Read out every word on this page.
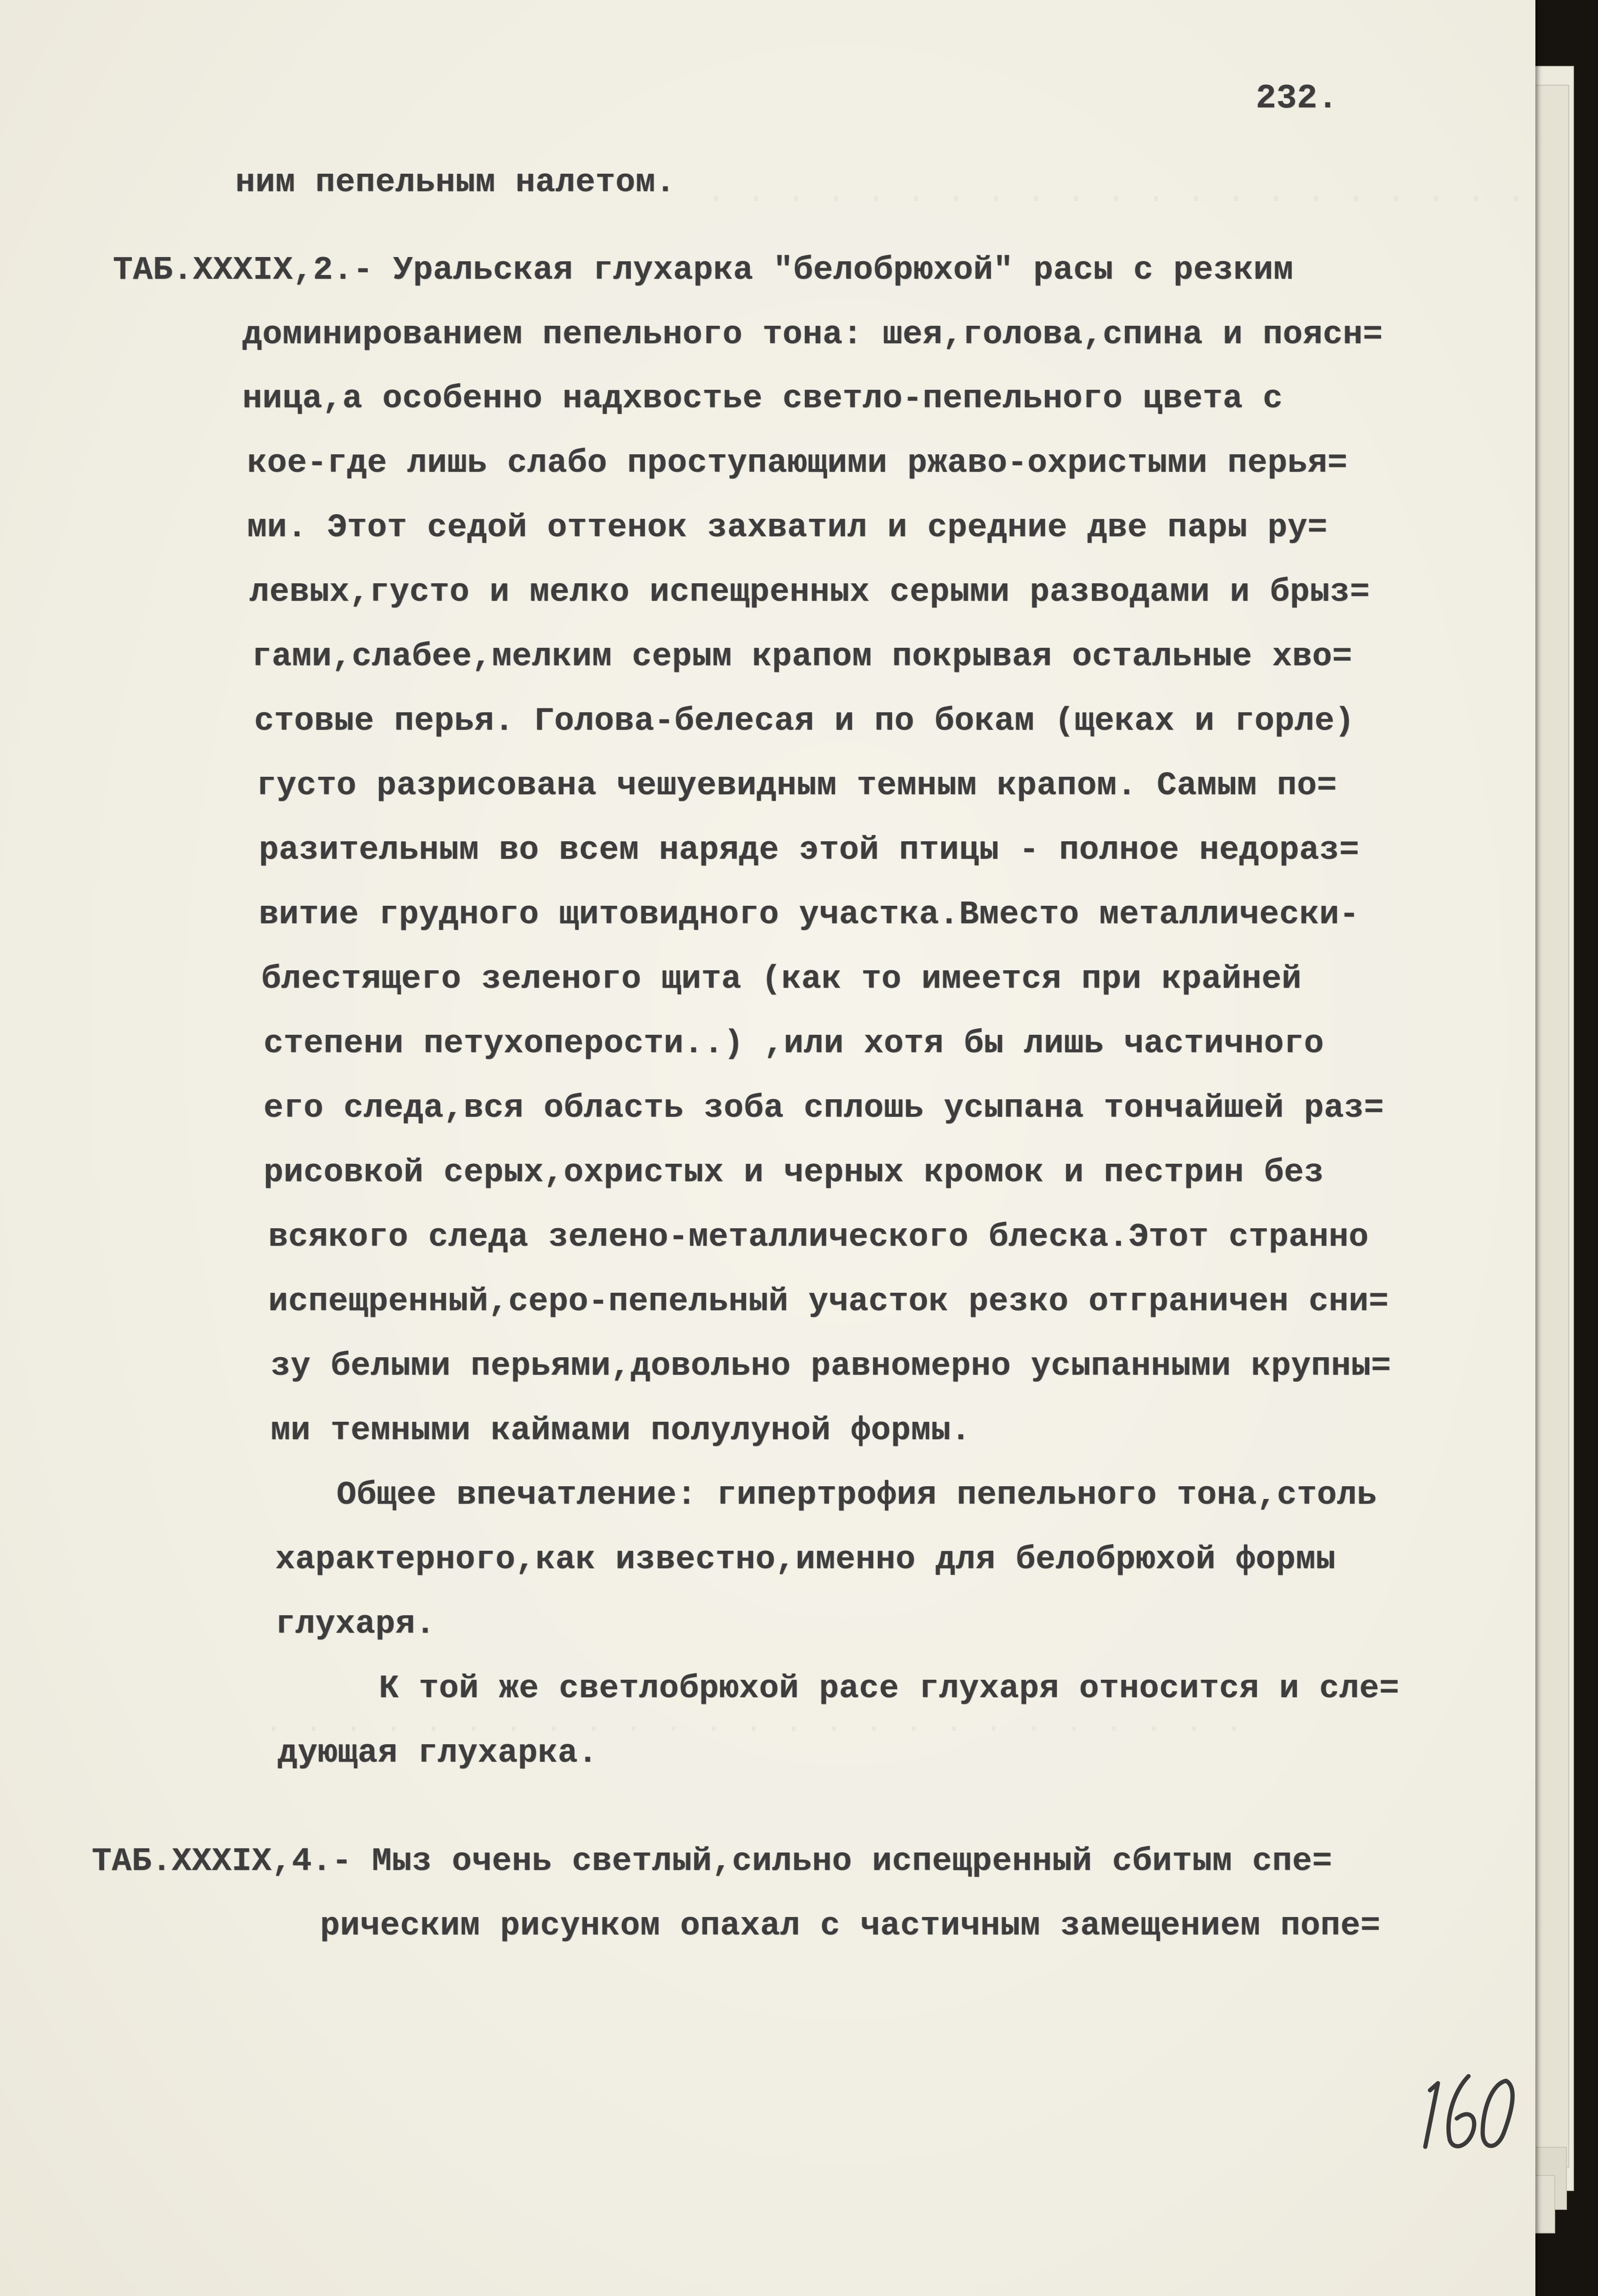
. . . . . . . . . . . . . . . . . . . . .
. . . . . . . . . . . . . . . . . . . . . . . . .
232.
ним пепельным налетом.
ТАБ.XXXIX,2.- Уральская глухарка "белобрюхой" расы с резким
доминированием пепельного тона: шея,голова,спина и поясн=
ница,а особенно надхвостье светло-пепельного цвета с
кое-где лишь слабо проступающими ржаво-охристыми перья=
ми. Этот седой оттенок захватил и средние две пары ру=
левых,густо и мелко испещренных серыми разводами и брыз=
гами,слабее,мелким серым крапом покрывая остальные хво=
стовые перья. Голова-белесая и по бокам (щеках и горле)
густо разрисована чешуевидным темным крапом. Самым по=
разительным во всем наряде этой птицы - полное недораз=
витие грудного щитовидного участка.Вместо металлически-
блестящего зеленого щита (как то имеется при крайней
степени петухоперости..) ,или хотя бы лишь частичного
его следа,вся область зоба сплошь усыпана тончайшей раз=
рисовкой серых,охристых и черных кромок и пестрин без
всякого следа зелено-металлического блеска.Этот странно
испещренный,серо-пепельный участок резко отграничен сни=
зу белыми перьями,довольно равномерно усыпанными крупны=
ми темными каймами полулуной формы.
Общее впечатление: гипертрофия пепельного тона,столь
характерного,как известно,именно для белобрюхой формы
глухаря.
К той же светлобрюхой расе глухаря относится и сле=
дующая глухарка.
ТАБ.XXXIX,4.- Мыз очень светлый,сильно испещренный сбитым спе=
рическим рисунком опахал с частичным замещением попе=
